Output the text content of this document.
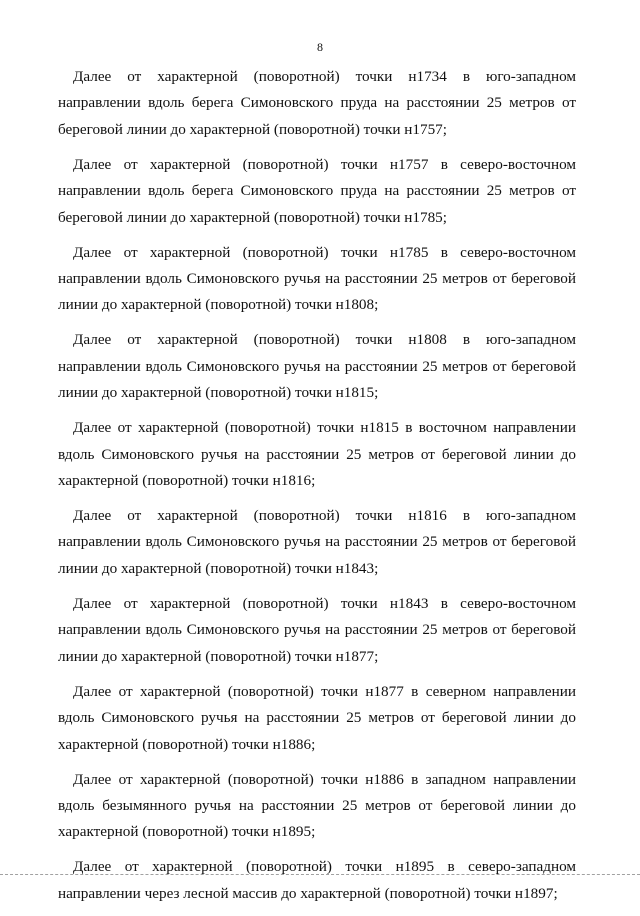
8

Далее от характерной (поворотной) точки н1734 в юго-западном направлении вдоль берега Симоновского пруда на расстоянии 25 метров от береговой линии до характерной (поворотной) точки н1757;

Далее от характерной (поворотной) точки н1757 в северо-восточном направлении вдоль берега Симоновского пруда на расстоянии 25 метров от береговой линии до характерной (поворотной) точки н1785;

Далее от характерной (поворотной) точки н1785 в северо-восточном направлении вдоль Симоновского ручья на расстоянии 25 метров от береговой линии до характерной (поворотной) точки н1808;

Далее от характерной (поворотной) точки н1808 в юго-западном направлении вдоль Симоновского ручья на расстоянии 25 метров от береговой линии до характерной (поворотной) точки н1815;

Далее от характерной (поворотной) точки н1815 в восточном направлении вдоль Симоновского ручья на расстоянии 25 метров от береговой линии до характерной (поворотной) точки н1816;

Далее от характерной (поворотной) точки н1816 в юго-западном направлении вдоль Симоновского ручья на расстоянии 25 метров от береговой линии до характерной (поворотной) точки н1843;

Далее от характерной (поворотной) точки н1843 в северо-восточном направлении вдоль Симоновского ручья на расстоянии 25 метров от береговой линии до характерной (поворотной) точки н1877;

Далее от характерной (поворотной) точки н1877 в северном направлении вдоль Симоновского ручья на расстоянии 25 метров от береговой линии до характерной (поворотной) точки н1886;

Далее от характерной (поворотной) точки н1886 в западном направлении вдоль безымянного ручья на расстоянии 25 метров от береговой линии до характерной (поворотной) точки н1895;

Далее от характерной (поворотной) точки н1895 в северо-западном направлении через лесной массив до характерной (поворотной) точки н1897;
